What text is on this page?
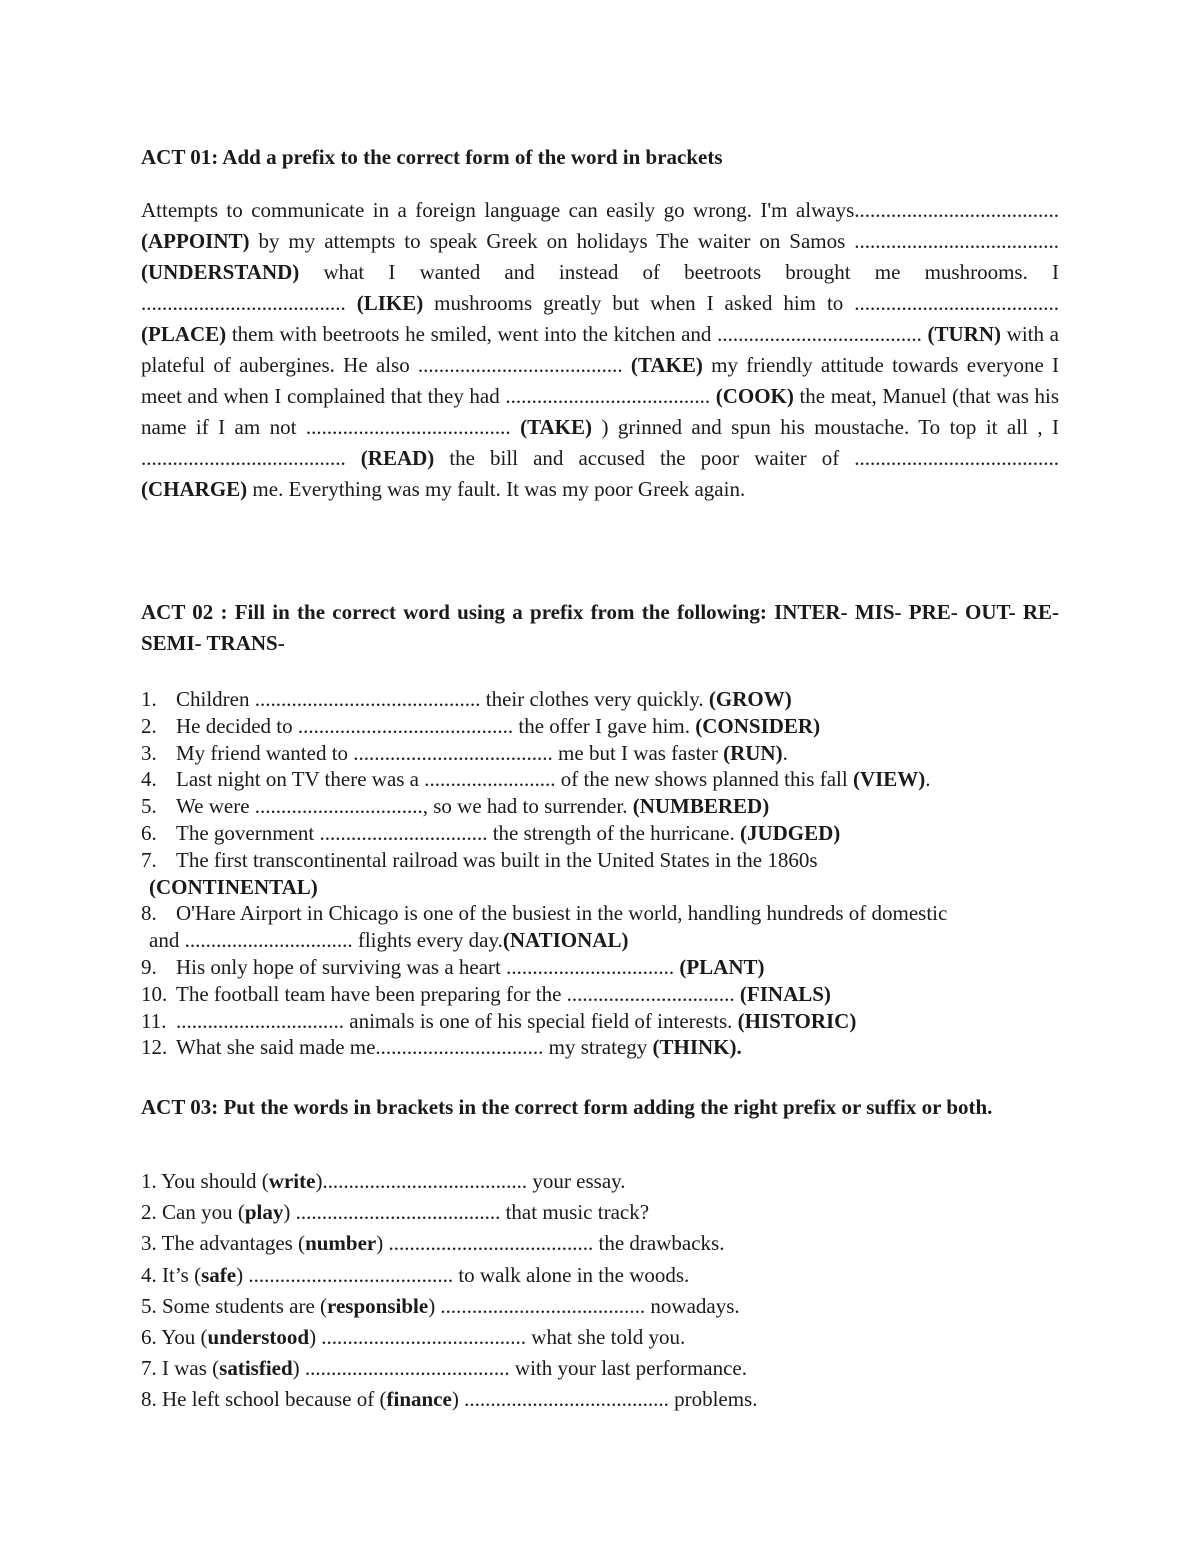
ACT 01: Add a prefix to the correct form of the word in brackets

Attempts to communicate in a foreign language can easily go wrong. I'm always.......................................(APPOINT) by my attempts to speak Greek on holidays The waiter on Samos ....................................... (UNDERSTAND) what I wanted and instead of beetroots brought me mushrooms. I ....................................... (LIKE) mushrooms greatly but when I asked him to ....................................... (PLACE) them with beetroots he smiled, went into the kitchen and ....................................... (TURN) with a plateful of aubergines. He also ....................................... (TAKE) my friendly attitude towards everyone I meet and when I complained that they had ....................................... (COOK) the meat, Manuel (that was his name if I am not ....................................... (TAKE) ) grinned and spun his moustache. To top it all , I ....................................... (READ) the bill and accused the poor waiter of ....................................... (CHARGE) me. Everything was my fault. It was my poor Greek again.

ACT 02 : Fill in the correct word using a prefix from the following: INTER- MIS- PRE- OUT- RE- SEMI- TRANS-

1. Children ........................................... their clothes very quickly. (GROW)
2. He decided to ......................................... the offer I gave him. (CONSIDER)
3. My friend wanted to ...................................... me but I was faster (RUN).
4. Last night on TV there was a ......................... of the new shows planned this fall (VIEW).
5. We were ................................, so we had to surrender. (NUMBERED)
6. The government ................................ the strength of the hurricane. (JUDGED)
7. The first transcontinental railroad was built in the United States in the 1860s
(CONTINENTAL)
8. O'Hare Airport in Chicago is one of the busiest in the world, handling hundreds of domestic
and ................................ flights every day.(NATIONAL)
9. His only hope of surviving was a heart ................................ (PLANT)
10. The football team have been preparing for the ................................ (FINALS)
11. ................................ animals is one of his special field of interests. (HISTORIC)
12. What she said made me................................ my strategy (THINK).

ACT 03: Put the words in brackets in the correct form adding the right prefix or suffix or both.

1. You should (write)....................................... your essay.
2. Can you (play) ....................................... that music track?
3. The advantages (number) ....................................... the drawbacks.
4. It’s (safe) ....................................... to walk alone in the woods.
5. Some students are (responsible) ....................................... nowadays.
6. You (understood) ....................................... what she told you.
7. I was (satisfied) ....................................... with your last performance.
8. He left school because of (finance) ....................................... problems.
